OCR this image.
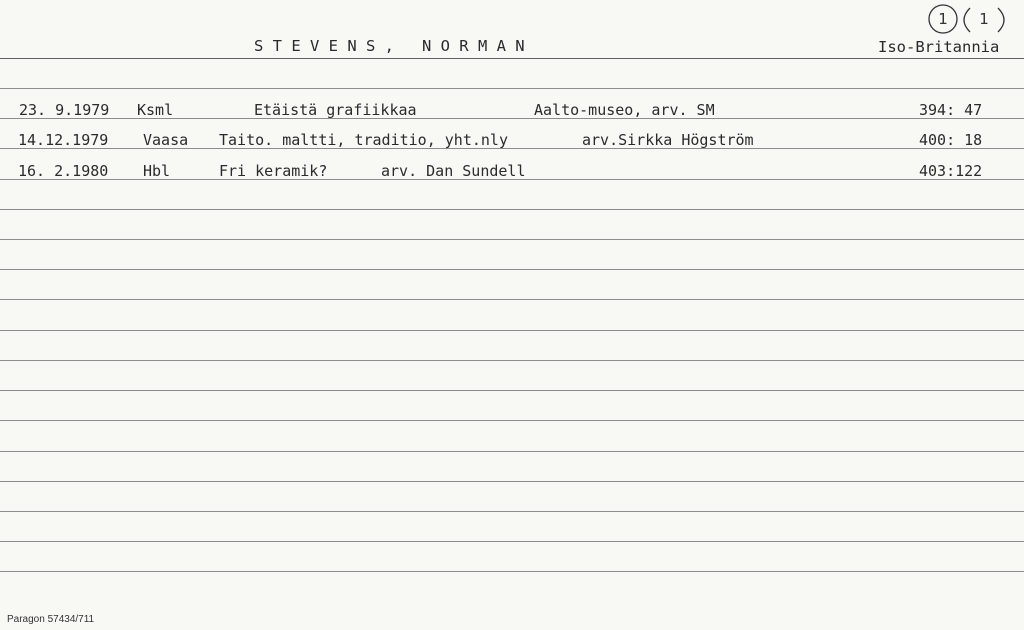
1 1
S T E V E N S ,   N O R M A N	Iso-Britannia
23. 9.1979 Ksml	Etäistä grafiikkaa	Aalto-museo, arv. SM	394: 47
14.12.1979 Vaasa Taito. maltti, traditio, yht.nly	arv.Sirkka Högström	400: 18
16. 2.1980 Hbl	Fri keramik?	arv. Dan Sundell	403:122
Paragon 57434/711
